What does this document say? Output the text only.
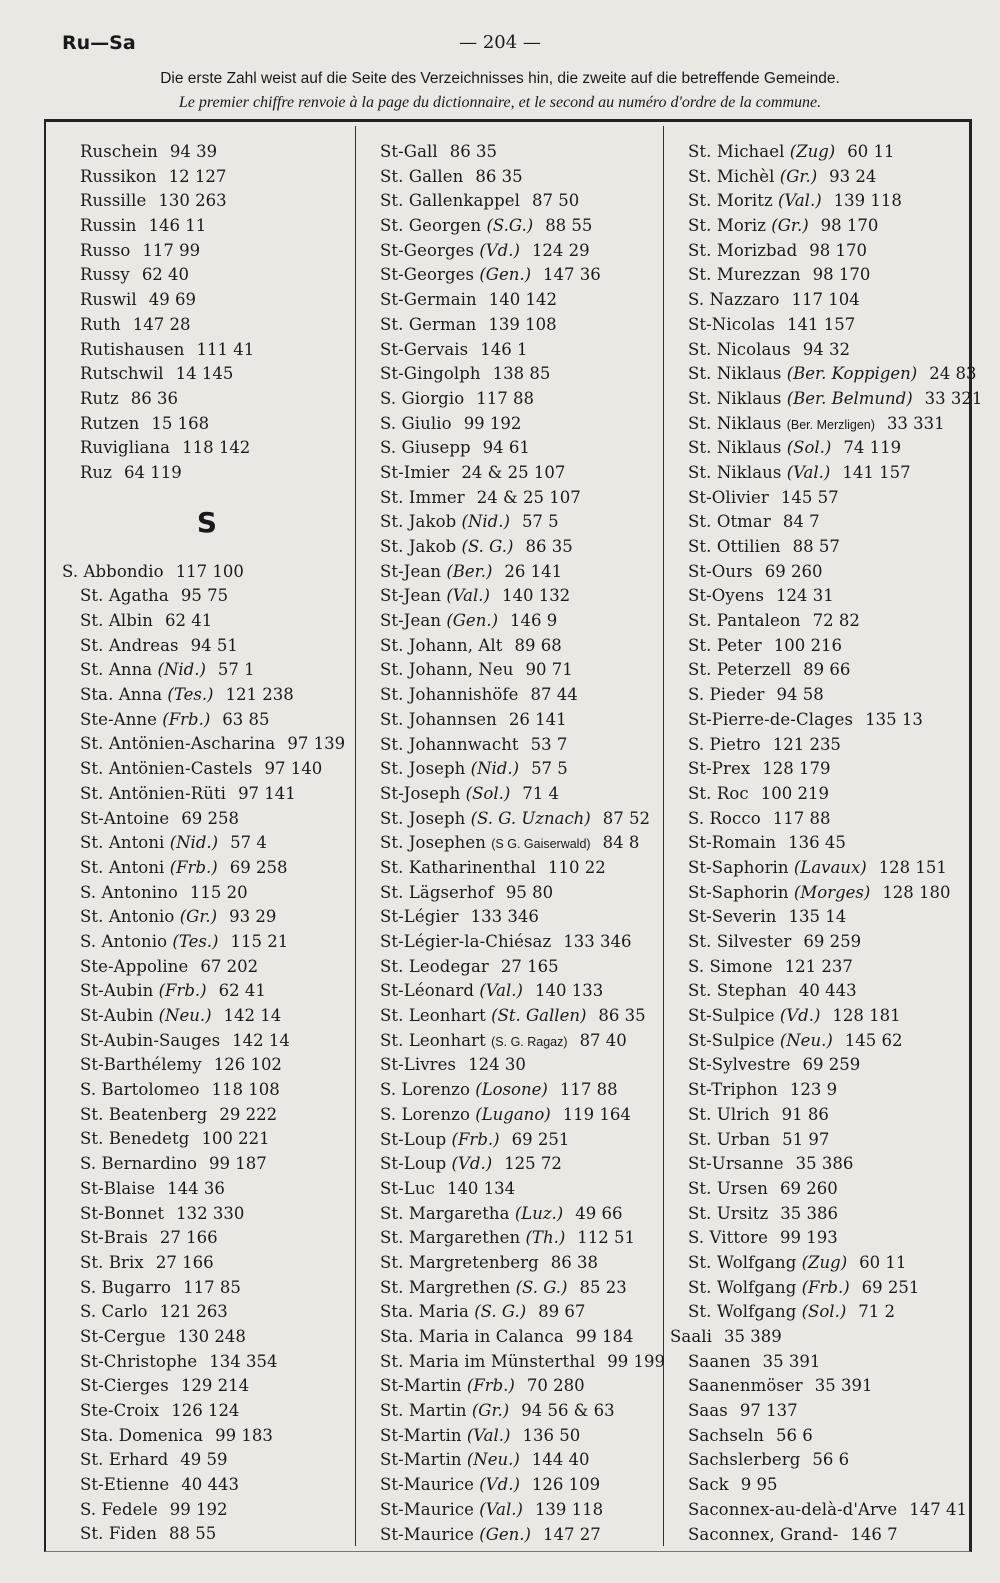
Ru—Sa	— 204 —
Die erste Zahl weist auf die Seite des Verzeichnisses hin, die zweite auf die betreffende Gemeinde.
Le premier chiffre renvoie à la page du dictionnaire, et le second au numéro d'ordre de la commune.
Ruschein 94 39
Russikon 12 127
Russille 130 263
Russin 146 11
Russo 117 99
Russy 62 40
Ruswil 49 69
Ruth 147 28
Rutishausen 111 41
Rutschwil 14 145
Rutz 86 36
Rutzen 15 168
Ruvigliana 118 142
Ruz 64 119
S
S. Abbondio 117 100
St. Agatha 95 75
St. Albin 62 41
St. Andreas 94 51
St. Anna (Nid.) 57 1
Sta. Anna (Tes.) 121 238
Ste-Anne (Frb.) 63 85
St. Antönien-Ascharina 97 139
St. Antönien-Castels 97 140
St. Antönien-Rüti 97 141
St-Antoine 69 258
St. Antoni (Nid.) 57 4
St. Antoni (Frb.) 69 258
S. Antonino 115 20
St. Antonio (Gr.) 93 29
S. Antonio (Tes.) 115 21
Ste-Appoline 67 202
St-Aubin (Frb.) 62 41
St-Aubin (Neu.) 142 14
St-Aubin-Sauges 142 14
St-Barthélemy 126 102
S. Bartolomeo 118 108
St. Beatenberg 29 222
St. Benedetg 100 221
S. Bernardino 99 187
St-Blaise 144 36
St-Bonnet 132 330
St-Brais 27 166
St. Brix 27 166
S. Bugarro 117 85
S. Carlo 121 263
St-Cergue 130 248
St-Christophe 134 354
St-Cierges 129 214
Ste-Croix 126 124
Sta. Domenica 99 183
St. Erhard 49 59
St-Etienne 40 443
S. Fedele 99 192
St. Fiden 88 55
St-Gall 86 35
St. Gallen 86 35
St. Gallenkappel 87 50
St. Georgen (S.G.) 88 55
St-Georges (Vd.) 124 29
St-Georges (Gen.) 147 36
St-Germain 140 142
St. German 139 108
St-Gervais 146 1
St-Gingolph 138 85
S. Giorgio 117 88
S. Giulio 99 192
S. Giusepp 94 61
St-Imier 24 & 25 107
St. Immer 24 & 25 107
St. Jakob (Nid.) 57 5
St. Jakob (S. G.) 86 35
St-Jean (Ber.) 26 141
St-Jean (Val.) 140 132
St-Jean (Gen.) 146 9
St. Johann, Alt 89 68
St. Johann, Neu 90 71
St. Johannishöfe 87 44
St. Johannsen 26 141
St. Johannwacht 53 7
St. Joseph (Nid.) 57 5
St-Joseph (Sol.) 71 4
St. Joseph (S. G. Uznach) 87 52
St. Josephen (S G. Gaiserwald) 84 8
St. Katharinenthal 110 22
St. Lägserhof 95 80
St-Légier 133 346
St-Légier-la-Chiésaz 133 346
St. Leodegar 27 165
St-Léonard (Val.) 140 133
St. Leonhart (St. Gallen) 86 35
St. Leonhart (S. G. Ragaz) 87 40
St-Livres 124 30
S. Lorenzo (Losone) 117 88
S. Lorenzo (Lugano) 119 164
St-Loup (Frb.) 69 251
St-Loup (Vd.) 125 72
St-Luc 140 134
St. Margaretha (Luz.) 49 66
St. Margarethen (Th.) 112 51
St. Margretenberg 86 38
St. Margrethen (S. G.) 85 23
Sta. Maria (S. G.) 89 67
Sta. Maria in Calanca 99 184
St. Maria im Münsterthal 99 199
St-Martin (Frb.) 70 280
St. Martin (Gr.) 94 56 & 63
St-Martin (Val.) 136 50
St-Martin (Neu.) 144 40
St-Maurice (Vd.) 126 109
St-Maurice (Val.) 139 118
St-Maurice (Gen.) 147 27
St. Michael (Zug) 60 11
St. Michèl (Gr.) 93 24
St. Moritz (Val.) 139 118
St. Moriz (Gr.) 98 170
St. Morizbad 98 170
St. Murezzan 98 170
S. Nazzaro 117 104
St-Nicolas 141 157
St. Nicolaus 94 32
St. Niklaus (Ber. Koppigen) 24 83
St. Niklaus (Ber. Belmund) 33 321
St. Niklaus (Ber. Merzligen) 33 331
St. Niklaus (Sol.) 74 119
St. Niklaus (Val.) 141 157
St-Olivier 145 57
St. Otmar 84 7
St. Ottilien 88 57
St-Ours 69 260
St-Oyens 124 31
St. Pantaleon 72 82
St. Peter 100 216
St. Peterzell 89 66
S. Pieder 94 58
St-Pierre-de-Clages 135 13
S. Pietro 121 235
St-Prex 128 179
St. Roc 100 219
S. Rocco 117 88
St-Romain 136 45
St-Saphorin (Lavaux) 128 151
St-Saphorin (Morges) 128 180
St-Severin 135 14
St. Silvester 69 259
S. Simone 121 237
St. Stephan 40 443
St-Sulpice (Vd.) 128 181
St-Sulpice (Neu.) 145 62
St-Sylvestre 69 259
St-Triphon 123 9
St. Ulrich 91 86
St. Urban 51 97
St-Ursanne 35 386
St. Ursen 69 260
St. Ursitz 35 386
S. Vittore 99 193
St. Wolfgang (Zug) 60 11
St. Wolfgang (Frb.) 69 251
St. Wolfgang (Sol.) 71 2
Saali 35 389
Saanen 35 391
Saanenmöser 35 391
Saas 97 137
Sachseln 56 6
Sachslerberg 56 6
Sack 9 95
Saconnex-au-delà-d'Arve 147 41
Saconnex, Grand- 146 7
